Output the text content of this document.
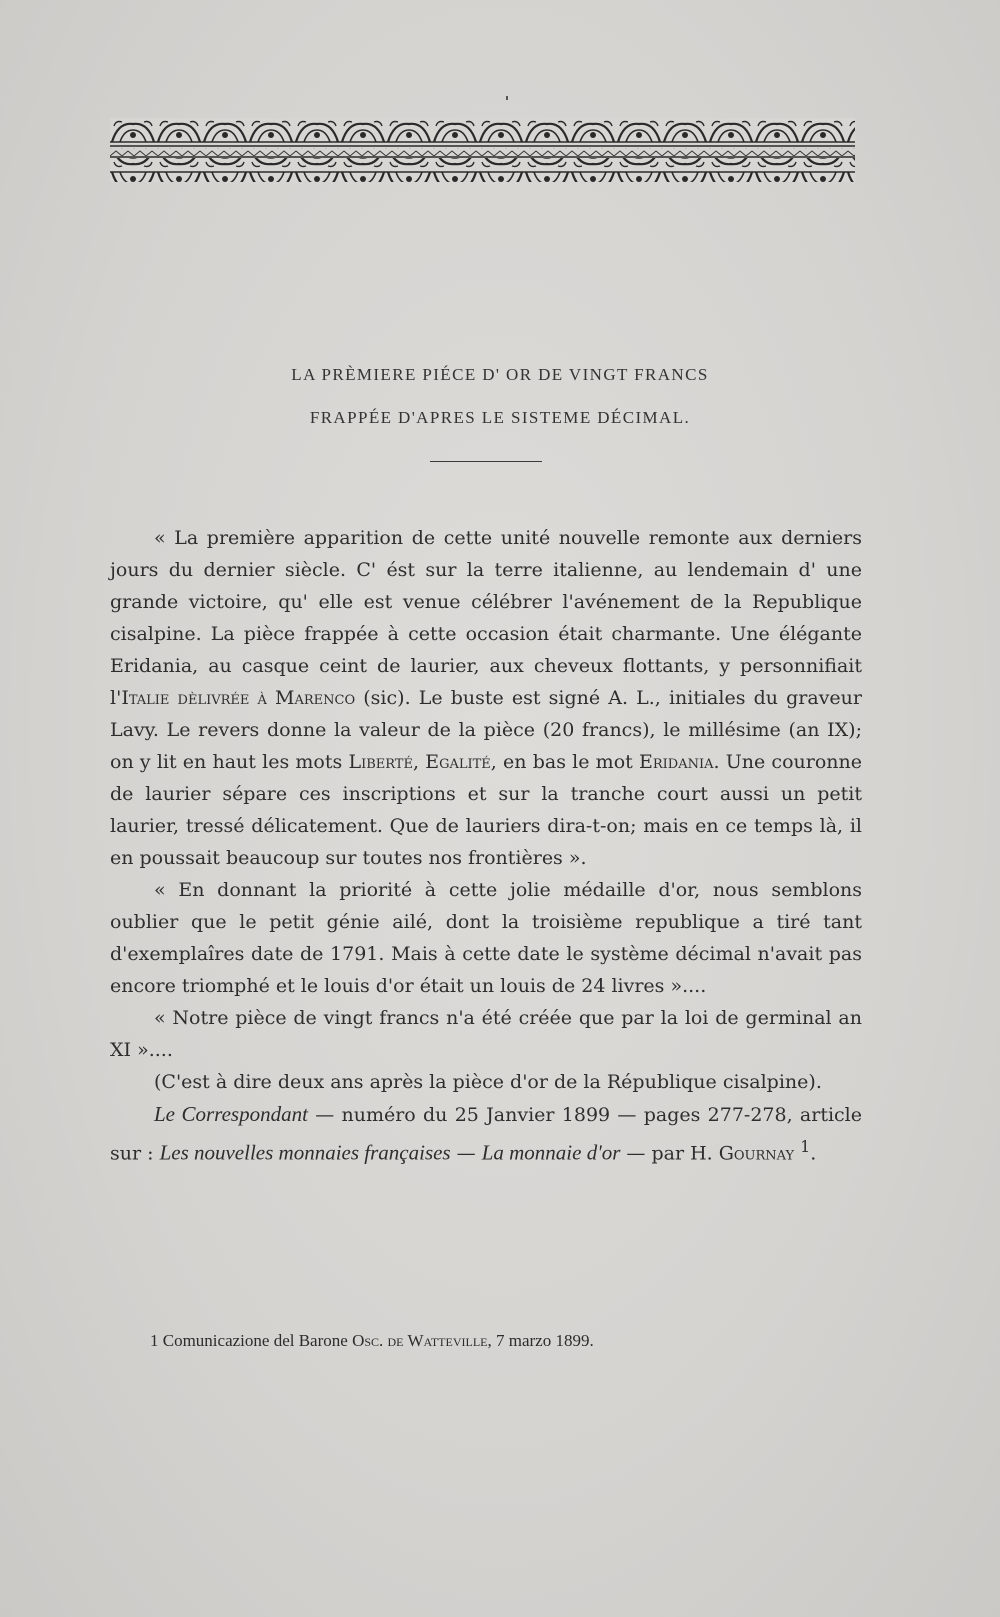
LA PRÈMIERE PIÉCE D' OR DE VINGT FRANCS
FRAPPÉE D'APRES LE SISTEME DÉCIMAL.

« La première apparition de cette unité nouvelle remonte aux derniers jours du dernier siècle. C' ést sur la terre italienne, au lendemain d' une grande victoire, qu' elle est venue célébrer l'avénement de la Republique cisalpine. La pièce frappée à cette occasion était charmante. Une élégante Eridania, au casque ceint de laurier, aux cheveux flottants, y personnifiait l'Italie dèlivrée à Marenco (sic). Le buste est signé A. L., initiales du graveur Lavy. Le revers donne la valeur de la pièce (20 francs), le millésime (an IX); on y lit en haut les mots Liberté, Egalité, en bas le mot Eridania. Une couronne de laurier sépare ces inscriptions et sur la tranche court aussi un petit laurier, tressé délicatement. Que de lauriers dira-t-on; mais en ce temps là, il en poussait beaucoup sur toutes nos frontières ».

« En donnant la priorité à cette jolie médaille d'or, nous semblons oublier que le petit génie ailé, dont la troisième republique a tiré tant d'exemplaîres date de 1791. Mais à cette date le système décimal n'avait pas encore triomphé et le louis d'or était un louis de 24 livres »....

« Notre pièce de vingt francs n'a été créée que par la loi de germinal an XI »....

(C'est à dire deux ans après la pièce d'or de la République cisalpine).

Le Correspondant — numéro du 25 Janvier 1899 — pages 277-278, article sur : Les nouvelles monnaies françaises — La monnaie d'or — par H. Gournay $^1$.

1 Comunicazione del Barone Osc. de Watteville, 7 marzo 1899.
